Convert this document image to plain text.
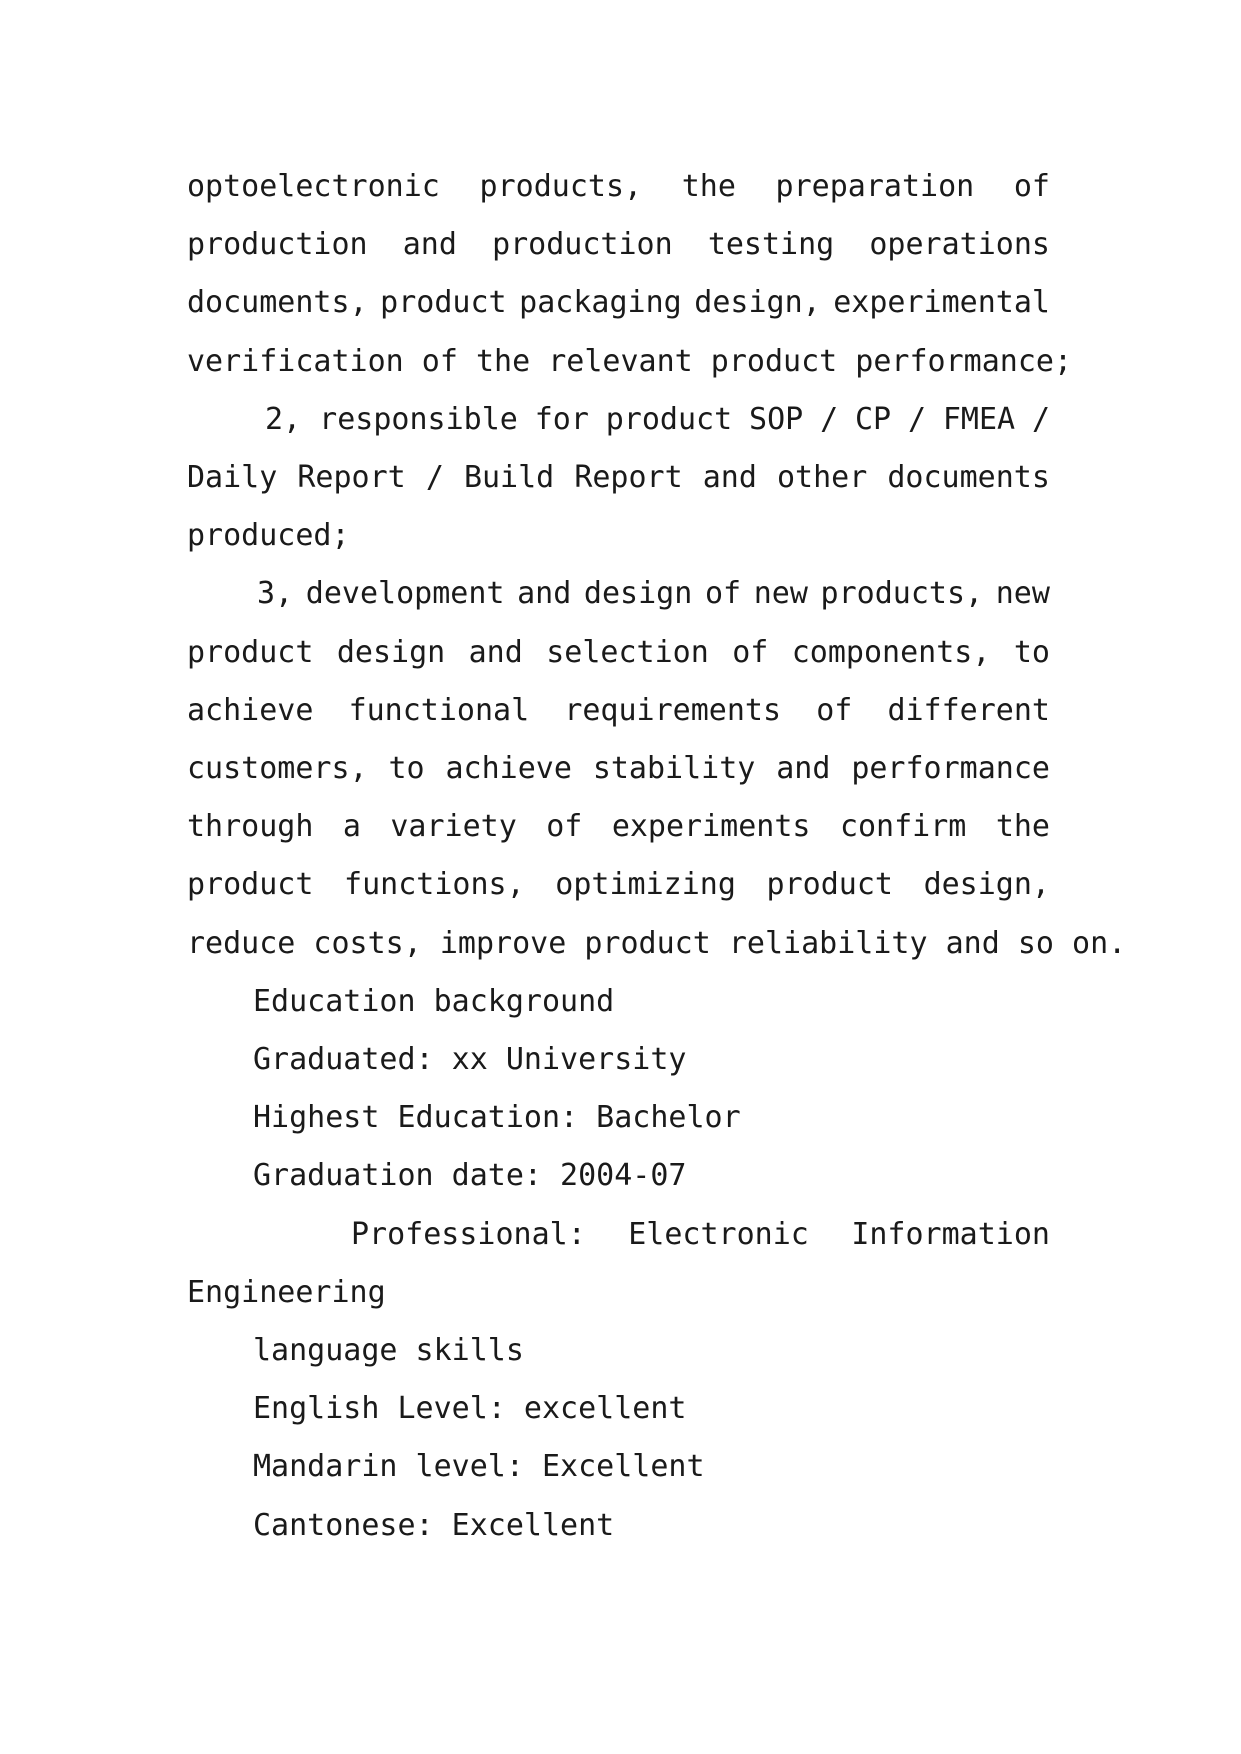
optoelectronic products, the preparation of
production and production testing operations
documents, product packaging design, experimental
verification of the relevant product performance;
2, responsible for product SOP / CP / FMEA /
Daily Report / Build Report and other documents
produced;
3, development and design of new products, new
product design and selection of components, to
achieve functional requirements of different
customers, to achieve stability and performance
through a variety of experiments confirm the
product functions, optimizing product design,
reduce costs, improve product reliability and so on.
Education background
Graduated: xx University
Highest Education: Bachelor
Graduation date: 2004-07
Professional: Electronic Information
Engineering
language skills
English Level: excellent
Mandarin level: Excellent
Cantonese: Excellent
